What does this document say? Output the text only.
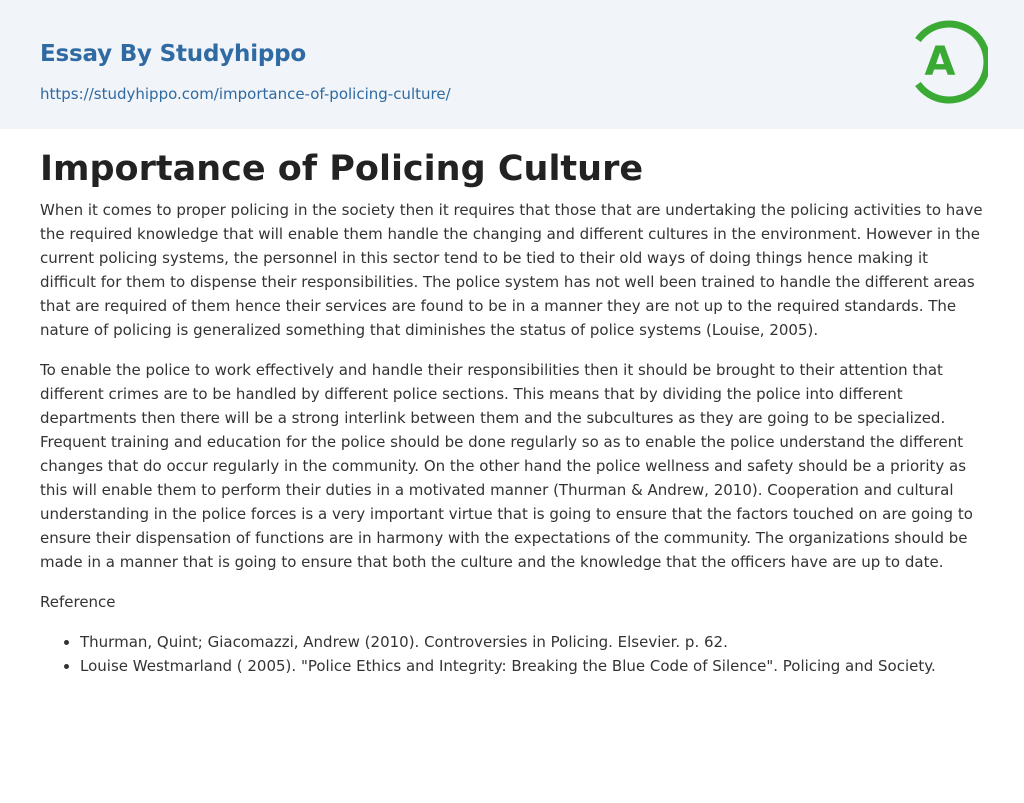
Essay By Studyhippo
https://studyhippo.com/importance-of-policing-culture/
A
Importance of Policing Culture

When it comes to proper policing in the society then it requires that those that are undertaking the policing activities to have the required knowledge that will enable them handle the changing and different cultures in the environment. However in the current policing systems, the personnel in this sector tend to be tied to their old ways of doing things hence making it difficult for them to dispense their responsibilities. The police system has not well been trained to handle the different areas that are required of them hence their services are found to be in a manner they are not up to the required standards. The nature of policing is generalized something that diminishes the status of police systems (Louise, 2005).

To enable the police to work effectively and handle their responsibilities then it should be brought to their attention that different crimes are to be handled by different police sections. This means that by dividing the police into different departments then there will be a strong interlink between them and the subcultures as they are going to be specialized. Frequent training and education for the police should be done regularly so as to enable the police understand the different changes that do occur regularly in the community. On the other hand the police wellness and safety should be a priority as this will enable them to perform their duties in a motivated manner (Thurman & Andrew, 2010). Cooperation and cultural understanding in the police forces is a very important virtue that is going to ensure that the factors touched on are going to ensure their dispensation of functions are in harmony with the expectations of the community. The organizations should be made in a manner that is going to ensure that both the culture and the knowledge that the officers have are up to date.

Reference

• Thurman, Quint; Giacomazzi, Andrew (2010). Controversies in Policing. Elsevier. p. 62.
• Louise Westmarland ( 2005). "Police Ethics and Integrity: Breaking the Blue Code of Silence". Policing and Society.
